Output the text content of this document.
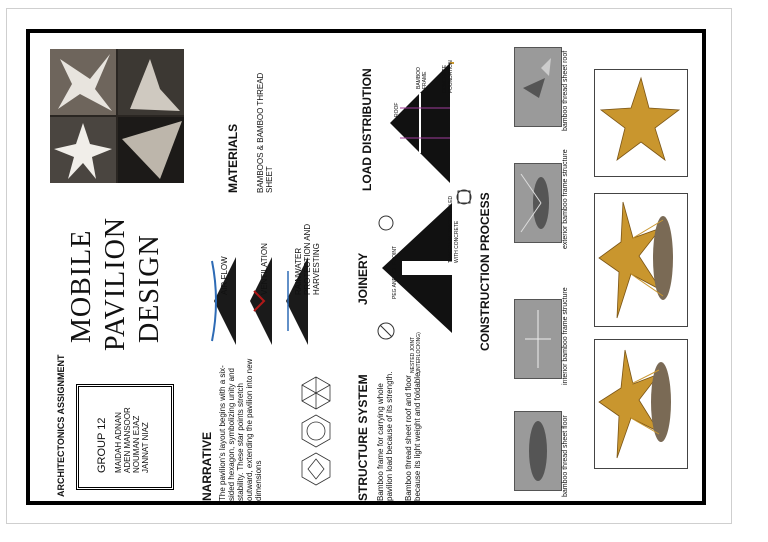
ARCHITECTONICS ASSIGNMENT	GROUP 12 MAIDAH ADNAN ADEN MANSOOR NOUMAN EJAZ JANNAT NIAZ
MOBILE PAVILION DESIGN
NARRATIVE The pavilion's layout begins with a six-sided hexagon, symbolizing unity and stability. These star points stretch outward, extending the pavilion into new dimensions
AIR FLOW	VENTILATION	RAINWATER PROTECTION AND HARVESTING
MATERIALS BAMBOOS & BAMBOO THREAD SHEET
STRUCTURE SYSTEM Bamboo frame for carrying whole pavilion load because of its strength. Bamboo thread sheet roof and floor because its light weight and foldable.
JOINERY
TRACED IN TRACER FILLED WITH CONCRETE
PEG AND HOLE JOINT
NESTED JOINT (INTERLOCKING)
LOAD DISTRIBUTION	ROOF
BAMBOO FRAME	CONCRETE FOUNDATION
CONSTRUCTION PROCESS
bamboo thread sheet floor
interior bamboo frame structure
exterior bamboo frame structure
bamboo thread sheet roof
